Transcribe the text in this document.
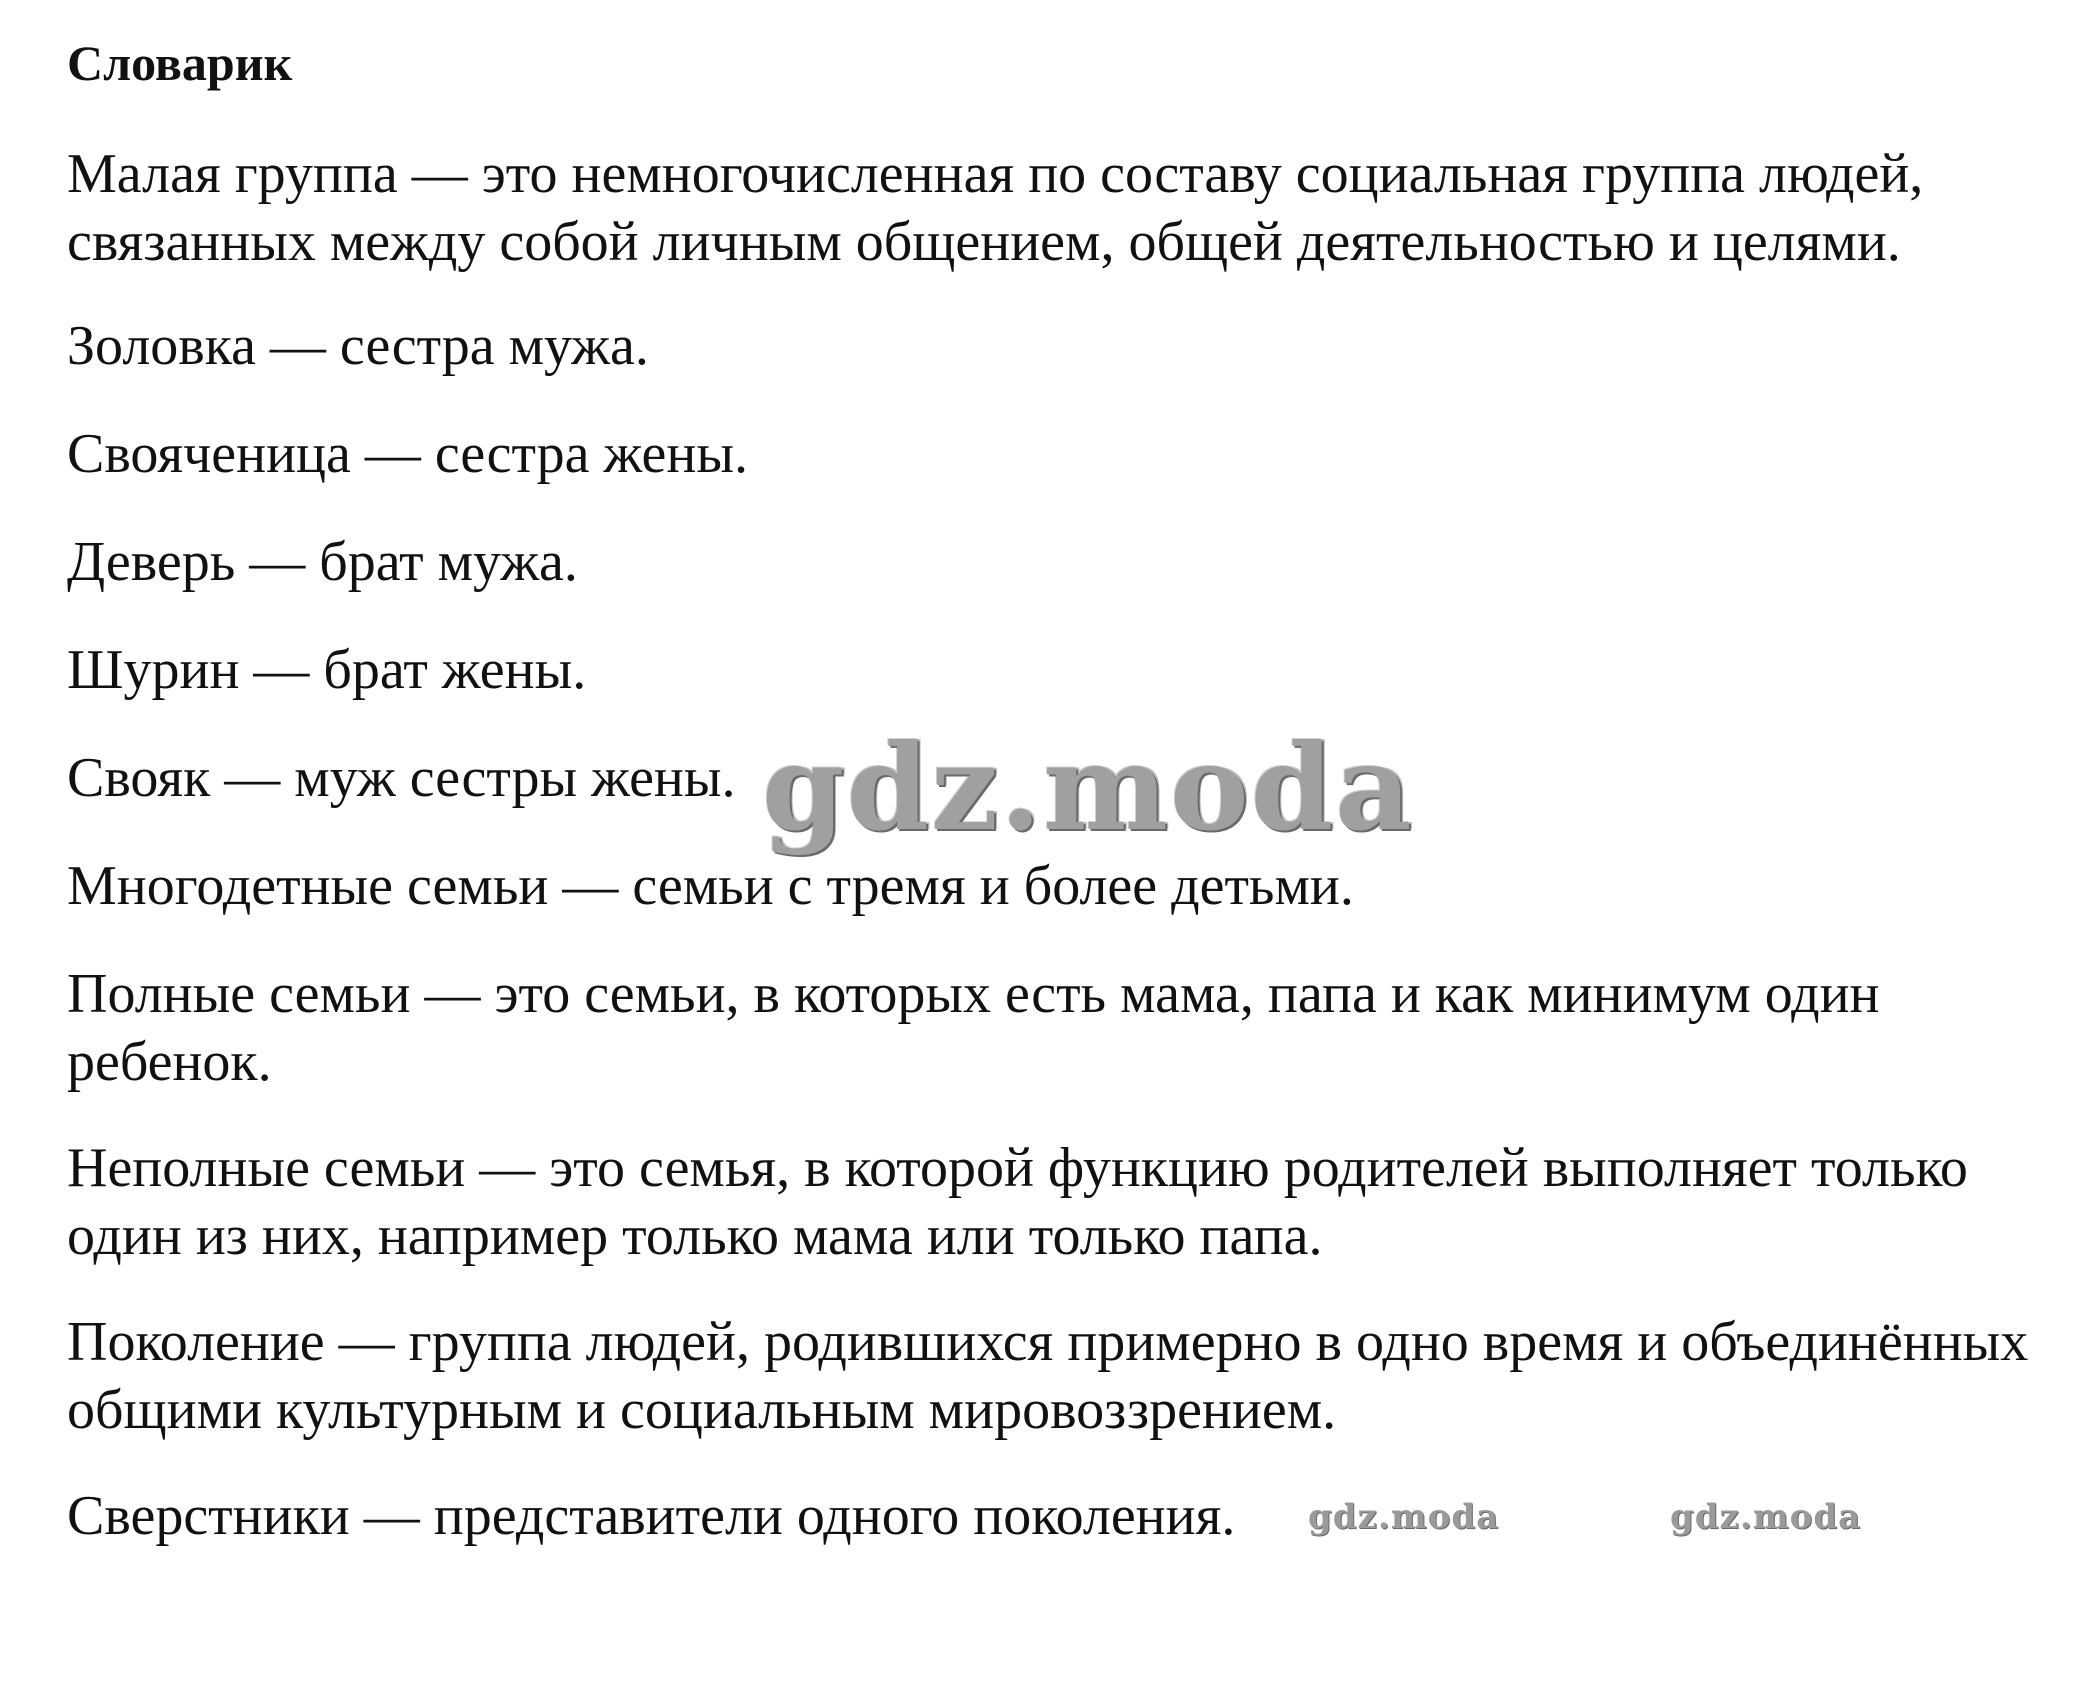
Словарик

Малая группа — это немногочисленная по составу социальная группа людей, связанных между собой личным общением, общей деятельностью и целями.

Золовка — сестра мужа.

Свояченица — сестра жены.

Деверь — брат мужа.

Шурин — брат жены.

Свояк — муж сестры жены.

Многодетные семьи — семьи с тремя и более детьми.

Полные семьи — это семьи, в которых есть мама, папа и как минимум один ребенок.

Неполные семьи — это семья, в которой функцию родителей выполняет только один из них, например только мама или только папа.

Поколение — группа людей, родившихся примерно в одно время и объединённых общими культурным и социальным мировоззрением.

Сверстники — представители одного поколения.

gdz.moda
gdz.moda	gdz.moda
